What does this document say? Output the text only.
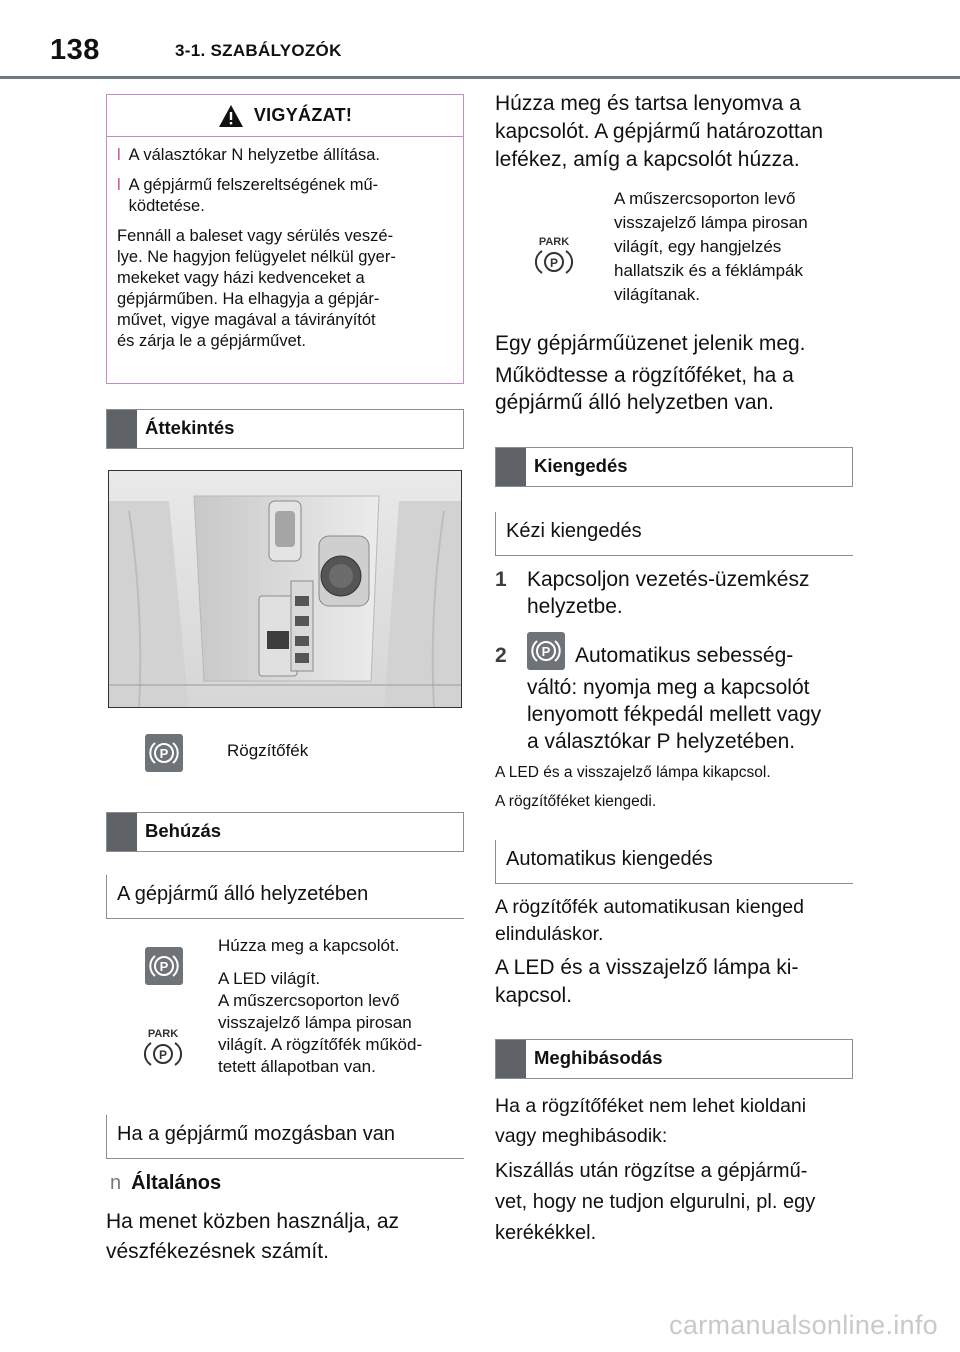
138	3-1. SZABÁLYOZÓK
VIGYÁZAT!
l A választókar N helyzetbe állítása.
l A gépjármű felszereltségének mű-
ködtetése.
Fennáll a baleset vagy sérülés veszé-
lye. Ne hagyjon felügyelet nélkül gyer-
mekeket vagy házi kedvenceket a
gépjárműben. Ha elhagyja a gépjár-
művet, vigye magával a távirányítót
és zárja le a gépjárművet.
Áttekintés
P	Rögzítőfék
Behúzás
A gépjármű álló helyzetében
P
Húzza meg a kapcsolót.
A LED világít.
A műszercsoporton levő
visszajelző lámpa pirosan
világít. A rögzítőfék működ-
tetett állapotban van.
PARK
P
Ha a gépjármű mozgásban van
n Általános
Ha menet közben használja, az
vészfékezésnek számít.
Húzza meg és tartsa lenyomva a
kapcsolót. A gépjármű határozottan
lefékez, amíg a kapcsolót húzza.
PARK
P
A műszercsoporton levő
visszajelző lámpa pirosan
világít, egy hangjelzés
hallatszik és a féklámpák
világítanak.
Egy gépjárműüzenet jelenik meg.
Működtesse a rögzítőféket, ha a
gépjármű álló helyzetben van.
Kiengedés
Kézi kiengedés
1 Kapcsoljon vezetés-üzemkész
helyzetbe.
2	P Automatikus sebesség-
váltó: nyomja meg a kapcsolót
lenyomott fékpedál mellett vagy
a választókar P helyzetében.
A LED és a visszajelző lámpa kikapcsol.
A rögzítőféket kiengedi.
Automatikus kiengedés
A rögzítőfék automatikusan kienged
elinduláskor.
A LED és a visszajelző lámpa ki-
kapcsol.
Meghibásodás
Ha a rögzítőféket nem lehet kioldani
vagy meghibásodik:
Kiszállás után rögzítse a gépjármű-
vet, hogy ne tudjon elgurulni, pl. egy
kerékékkel.
carmanualsonline.info
